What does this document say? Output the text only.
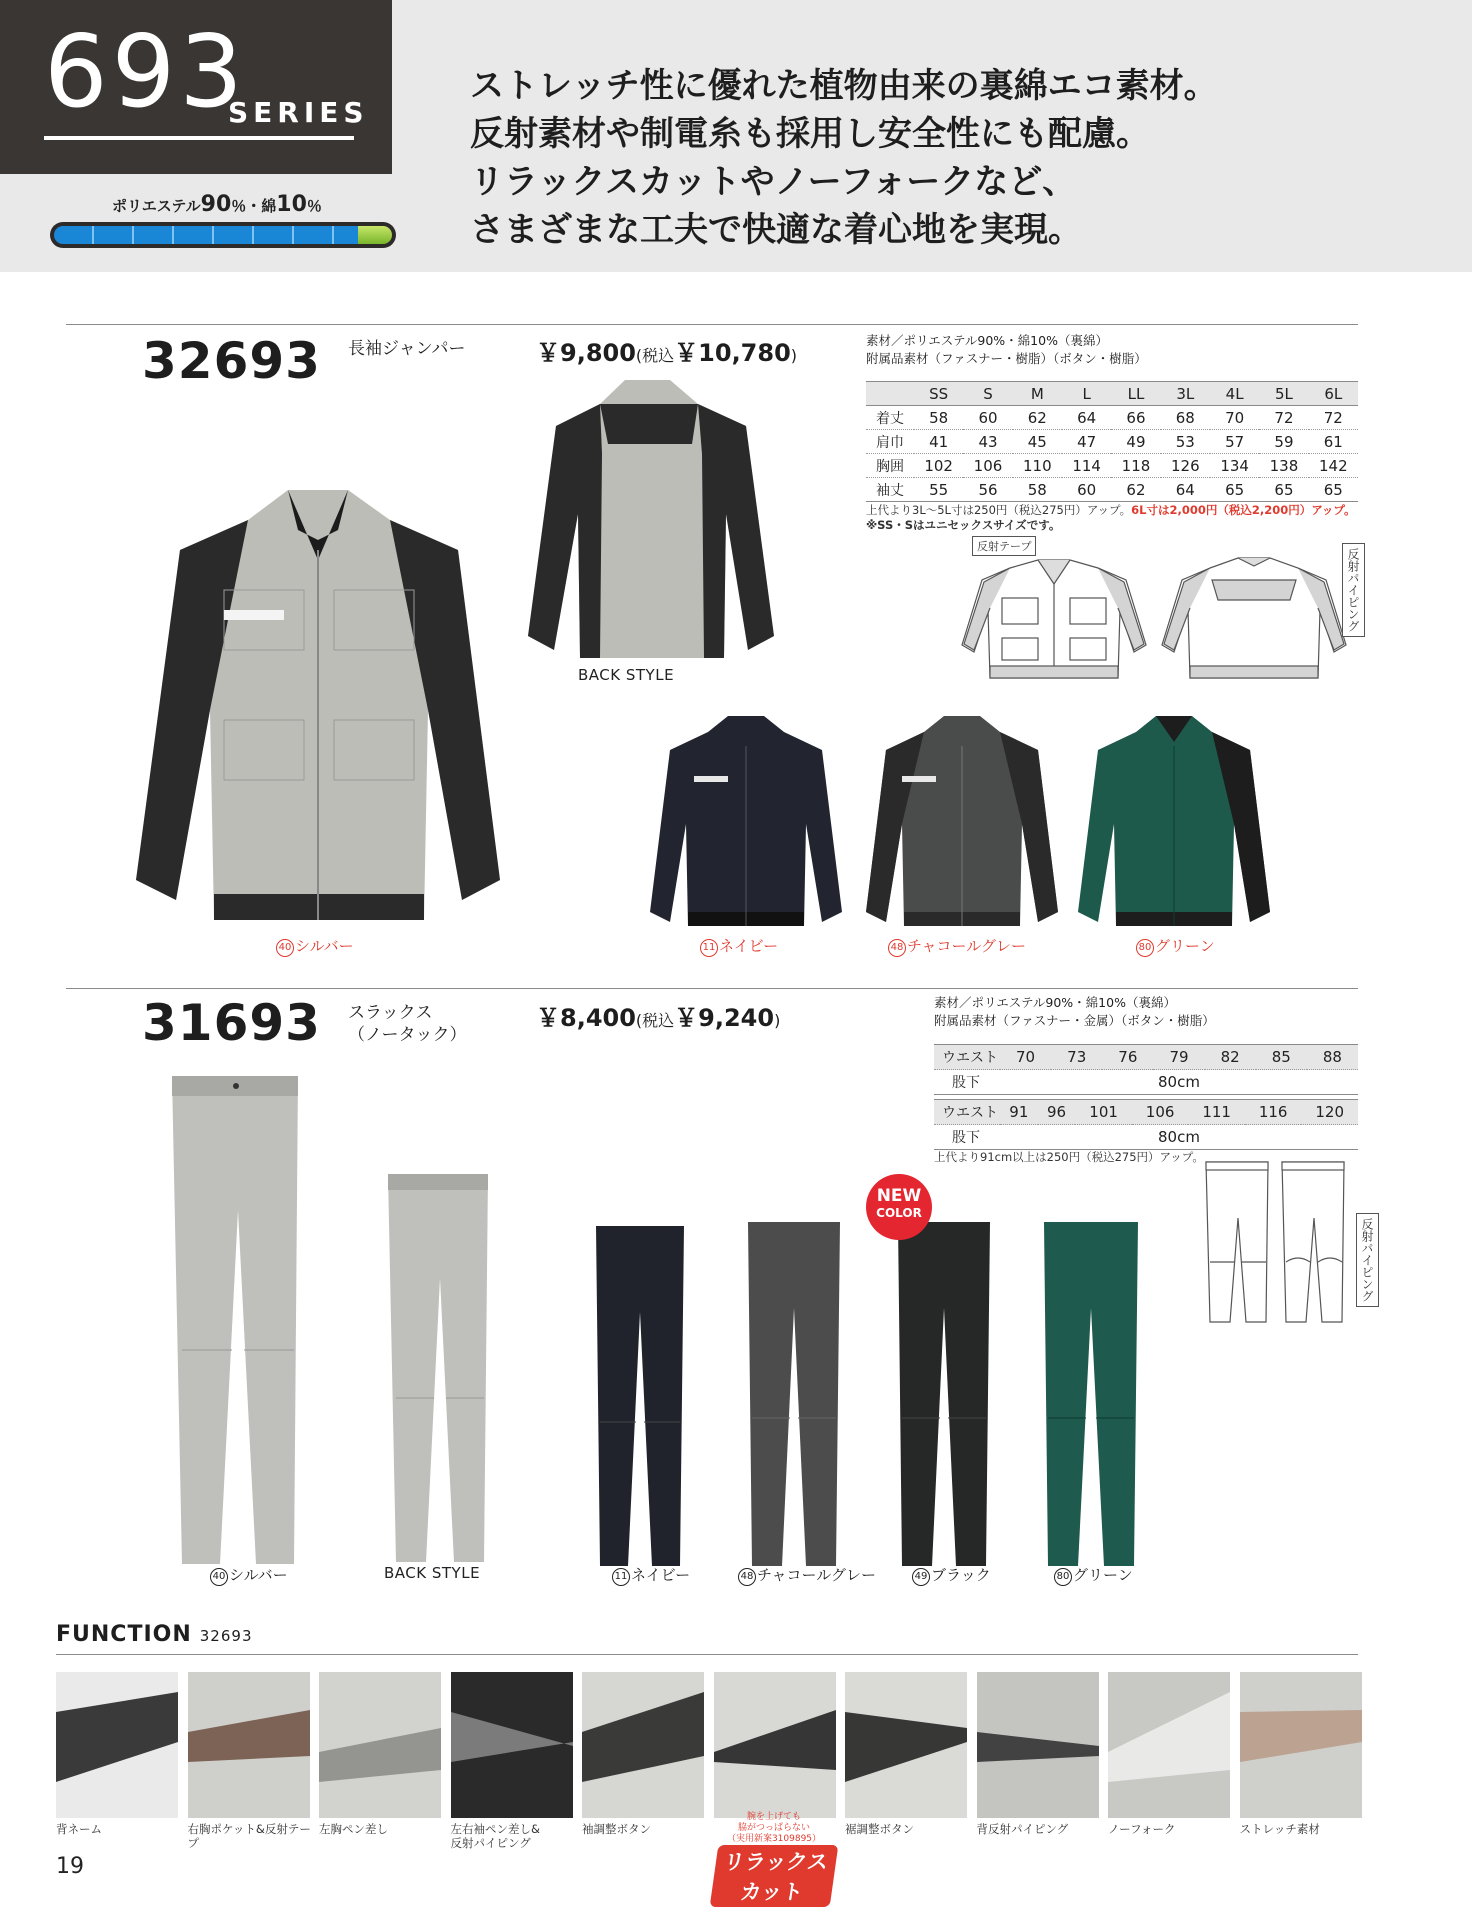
693
SERIES
ポリエステル90％・綿10％
ストレッチ性に優れた植物由来の裏綿エコ素材。
反射素材や制電糸も採用し安全性にも配慮。
リラックスカットやノーフォークなど、
さまざまな工夫で快適な着心地を実現。
32693 長袖ジャンパー	￥9,800(税込￥10,780)
素材／ポリエステル90%・綿10%（裏綿）
附属品素材（ファスナー・樹脂）（ボタン・樹脂）
	SS	S	M	L	LL	3L	4L	5L	6L
着丈	58	60	62	64	66	68	70	72	72
肩巾	41	43	45	47	49	53	57	59	61
胸囲	102	106	110	114	118	126	134	138	142
袖丈	55	56	58	60	62	64	65	65	65
上代より3L〜5L寸は250円（税込275円）アップ。6L寸は2,000円（税込2,200円）アップ。
※SS・Sはユニセックスサイズです。
反射テープ
反射パイピング
40 シルバー
BACK STYLE
11 ネイビー	48 チャコールグレー	80 グリーン
31693 スラックス
（ノータック）
￥8,400(税込￥9,240)
素材／ポリエステル90%・綿10%（裏綿）
附属品素材（ファスナー・金属）（ボタン・樹脂）
ウエスト	70	73	76	79	82	85	88
股下	80cm						
ウエスト	91	96	101	106	111	116	120
股下	80cm						
上代より91cm以上は250円（税込275円）アップ。
反射パイピング
NEW
COLOR
40 シルバー	BACK STYLE	11 ネイビー	48 チャコールグレー	49 ブラック	80 グリーン
FUNCTION 32693
背ネーム	右胸ポケット&反射テープ
左胸ペン差し	左右袖ペン差し&
反射パイピング
袖調整ボタン	裾調整ボタン	背反射パイピング	ノーフォーク	ストレッチ素材
腕を上げても
脇がつっぱらない
（実用新案3109895）
リラックスカット
19
